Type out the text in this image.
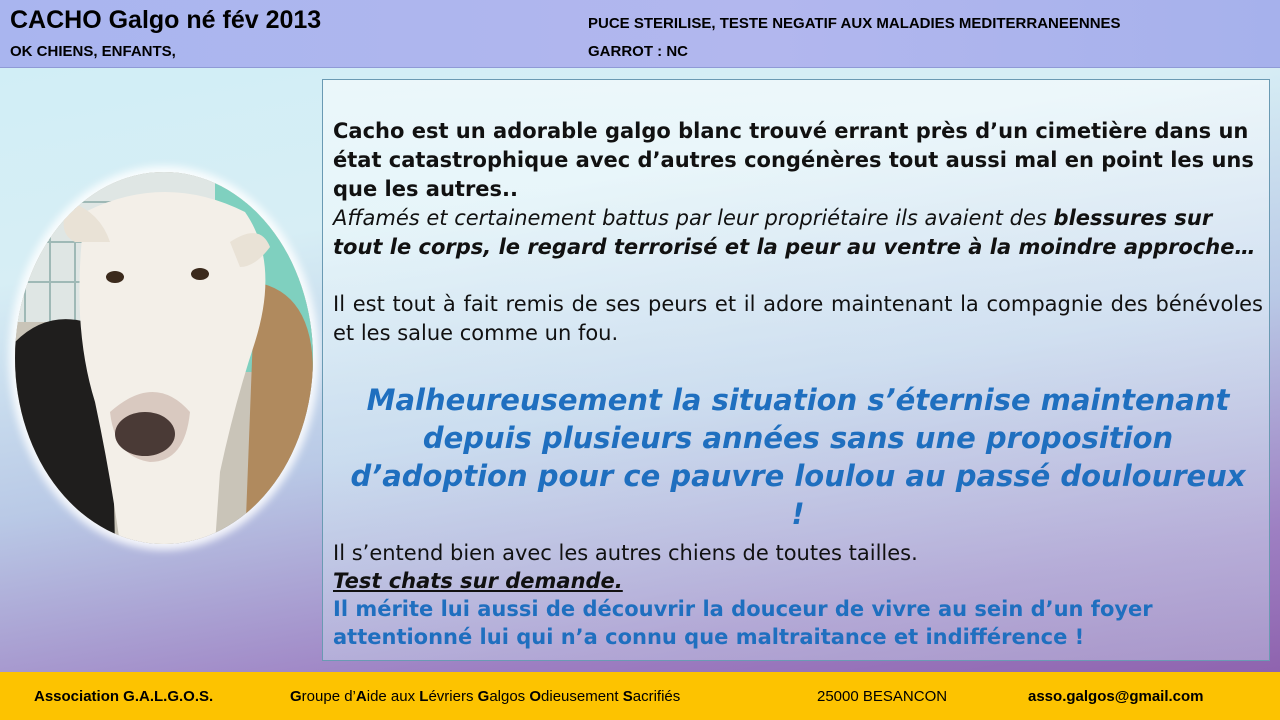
CACHO Galgo né fév 2013
OK CHIENS, ENFANTS,
PUCE STERILISE, TESTE NEGATIF AUX MALADIES MEDITERRANEENNES
GARROT : NC
Cacho est un adorable galgo blanc trouvé errant près d’un cimetière dans un état catastrophique avec d’autres congénères tout aussi mal en point les uns que les autres..
Affamés et certainement battus par leur propriétaire ils avaient des blessures sur tout le corps, le regard terrorisé et la peur au ventre à la moindre approche…
Il est tout à fait remis de ses peurs et il adore maintenant la compagnie des bénévoles et les salue comme un fou.
Malheureusement la situation s’éternise maintenant depuis plusieurs années sans une proposition d’adoption pour ce pauvre loulou au passé douloureux !
Il s’entend bien avec les autres chiens de toutes tailles.
Test chats sur demande.
Il mérite lui aussi de découvrir la douceur de vivre au sein d’un foyer attentionné lui qui n’a connu que maltraitance et indifférence !
Association G.A.L.G.O.S.	Groupe d’Aide aux Lévriers Galgos Odieusement Sacrifiés	25000 BESANCON	asso.galgos@gmail.com
